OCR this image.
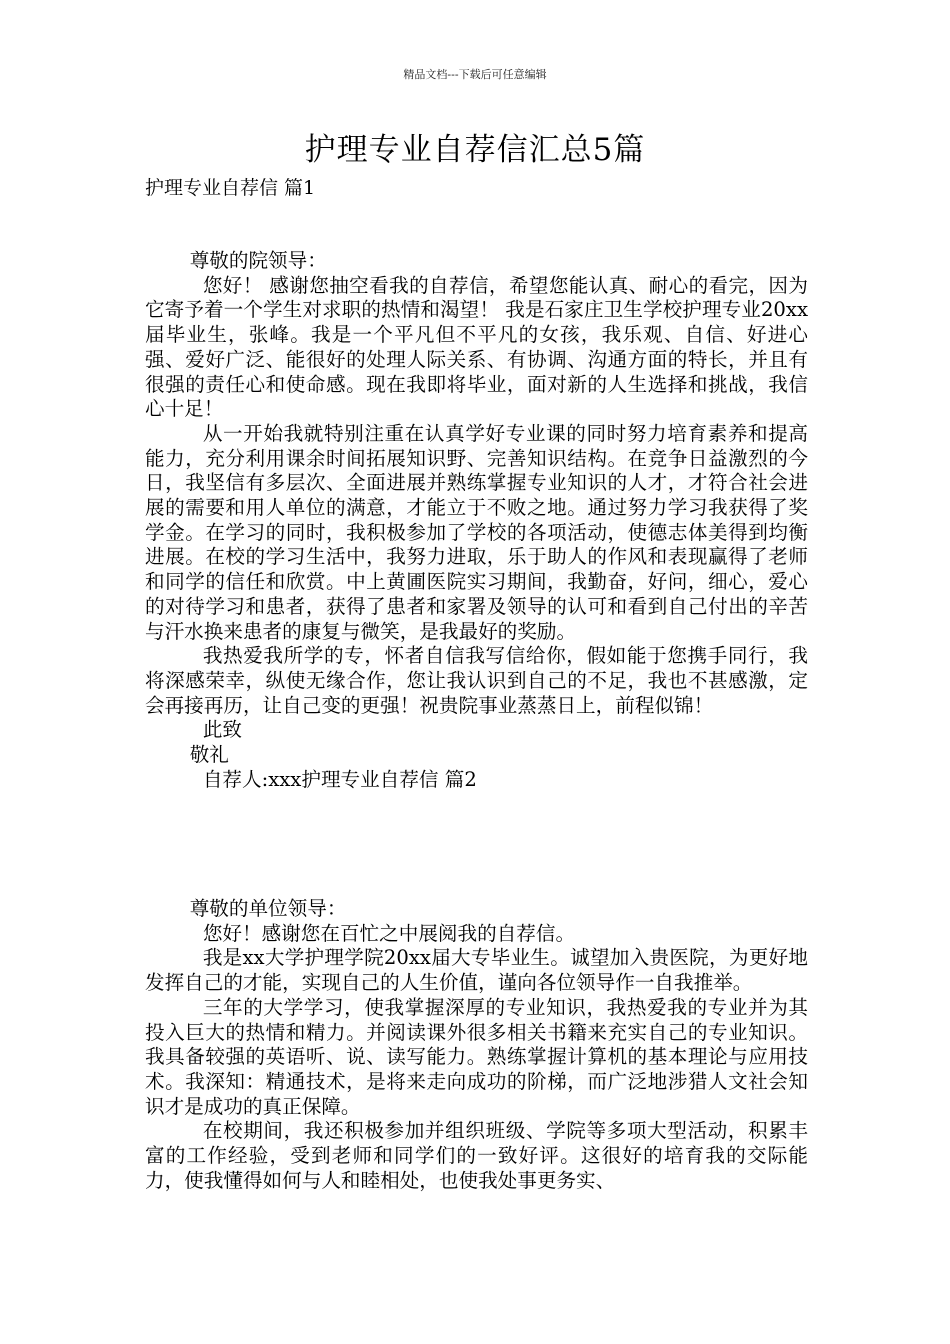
精品文档---下载后可任意编辑
护理专业自荐信汇总5篇
护理专业自荐信 篇1

尊敬的院领导：

您好！ 感谢您抽空看我的自荐信，希望您能认真、耐心的看完，因为它寄予着一个学生对求职的热情和渴望！ 我是石家庄卫生学校护理专业20xx届毕业生，张峰。我是一个平凡但不平凡的女孩，我乐观、自信、好进心强、爱好广泛、能很好的处理人际关系、有协调、沟通方面的特长，并且有很强的责任心和使命感。现在我即将毕业，面对新的人生选择和挑战，我信心十足！

从一开始我就特别注重在认真学好专业课的同时努力培育素养和提高能力，充分利用课余时间拓展知识野、完善知识结构。在竞争日益激烈的今日，我坚信有多层次、全面进展并熟练掌握专业知识的人才，才符合社会进展的需要和用人单位的满意，才能立于不败之地。通过努力学习我获得了奖学金。在学习的同时，我积极参加了学校的各项活动，使德志体美得到均衡进展。在校的学习生活中，我努力进取，乐于助人的作风和表现赢得了老师和同学的信任和欣赏。中上黄圃医院实习期间，我勤奋，好问，细心，爱心的对待学习和患者，获得了患者和家署及领导的认可和看到自己付出的辛苦与汗水换来患者的康复与微笑，是我最好的奖励。

我热爱我所学的专，怀者自信我写信给你，假如能于您携手同行，我将深感荣幸，纵使无缘合作，您让我认识到自己的不足，我也不甚感激，定会再接再历，让自己变的更强！祝贵院事业蒸蒸日上，前程似锦！

此致

敬礼

自荐人:xxx护理专业自荐信 篇2

尊敬的单位领导：

您好！感谢您在百忙之中展阅我的自荐信。

我是xx大学护理学院20xx届大专毕业生。诚望加入贵医院，为更好地发挥自己的才能，实现自己的人生价值，谨向各位领导作一自我推举。

三年的大学学习，使我掌握深厚的专业知识，我热爱我的专业并为其投入巨大的热情和精力。并阅读课外很多相关书籍来充实自己的专业知识。我具备较强的英语听、说、读写能力。熟练掌握计算机的基本理论与应用技术。我深知：精通技术，是将来走向成功的阶梯，而广泛地涉猎人文社会知识才是成功的真正保障。

在校期间，我还积极参加并组织班级、学院等多项大型活动，积累丰富的工作经验，受到老师和同学们的一致好评。这很好的培育我的交际能力，使我懂得如何与人和睦相处，也使我处事更务实、
